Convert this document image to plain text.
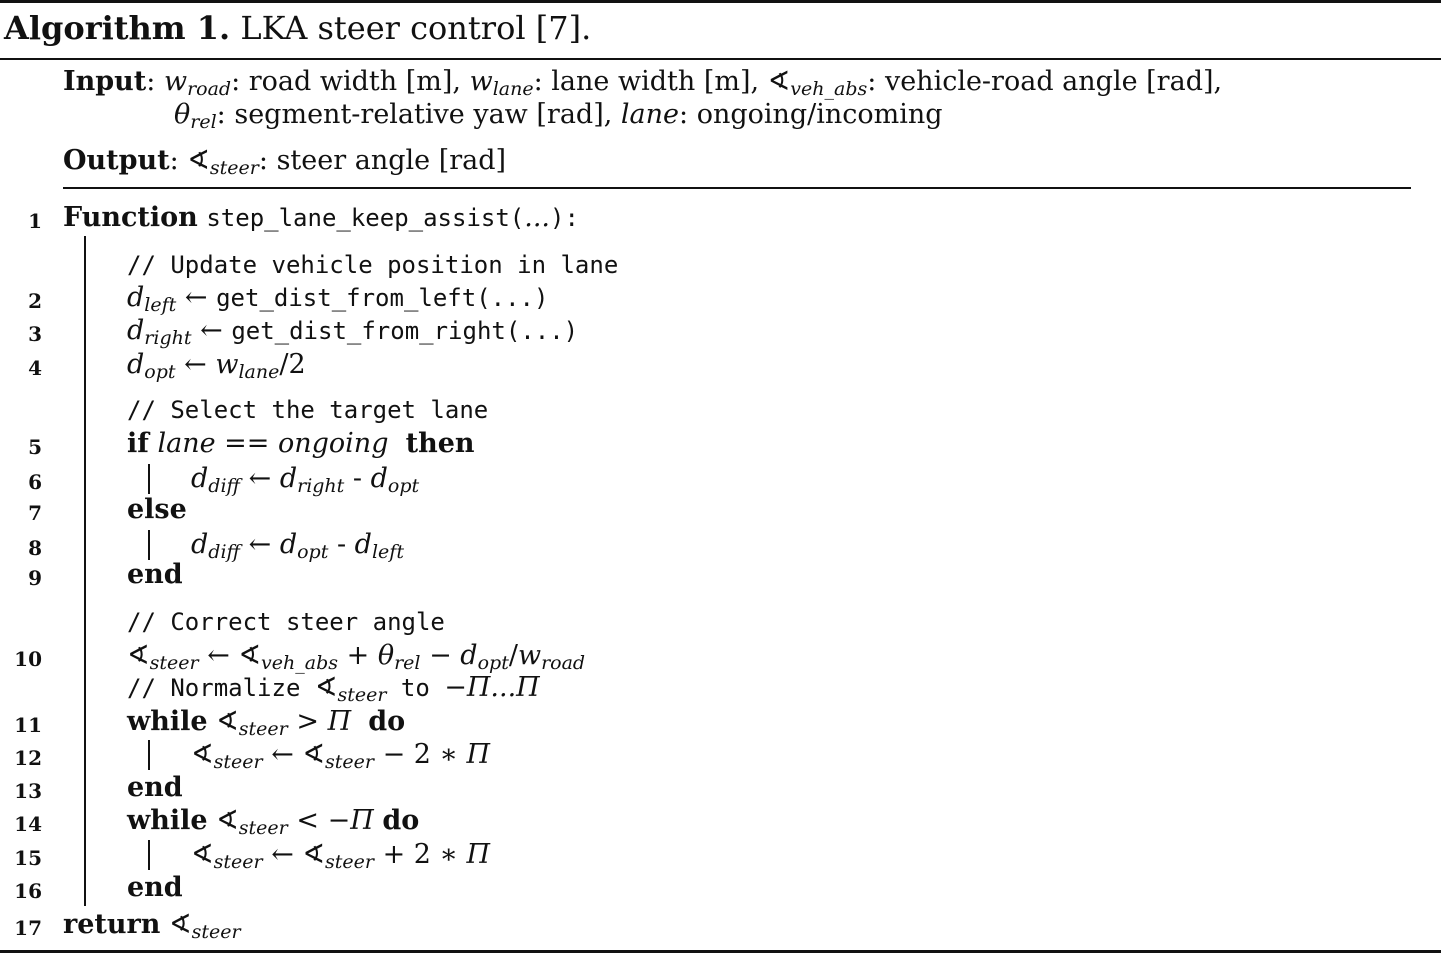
Algorithm 1. LKA steer control [7].
Input: $w_{road}$: road width [m], $w_{lane}$: lane width [m], $∢_{veh\_abs}$: vehicle-road angle [rad],
$\theta_{rel}$: segment-relative yaw [rad], lane: ongoing/incoming
Output: $∢_{steer}$: steer angle [rad]
1 Function step_lane_keep_assist(...):
// Update vehicle position in lane
2	$d_{left}$ ← get_dist_from_left(...)
3	$d_{right}$ ← get_dist_from_right(...)
4	$d_{opt}$ ← $w_{lane}/2$
// Select the target lane
5	if lane == ongoing then
6	$d_{diff}$ ← $d_{right} - d_{opt}$
7	else
8	$d_{diff}$ ← $d_{opt} - d_{left}$
9	end
// Correct steer angle
10	$∢_{steer}$ ← $∢_{veh\_abs} + \theta_{rel} - d_{opt}/w_{road}$
// Normalize $∢_{steer}$ to −Π...Π
11	while $∢_{steer} > \Pi$ do
12	$∢_{steer}$ ← $∢_{steer} - 2$ ∗ Π
13	end
14	while $∢_{steer} < -\Pi$ do
15	$∢_{steer}$ ← $∢_{steer} + 2$ ∗ Π
16	end
17 return $∢_{steer}$
